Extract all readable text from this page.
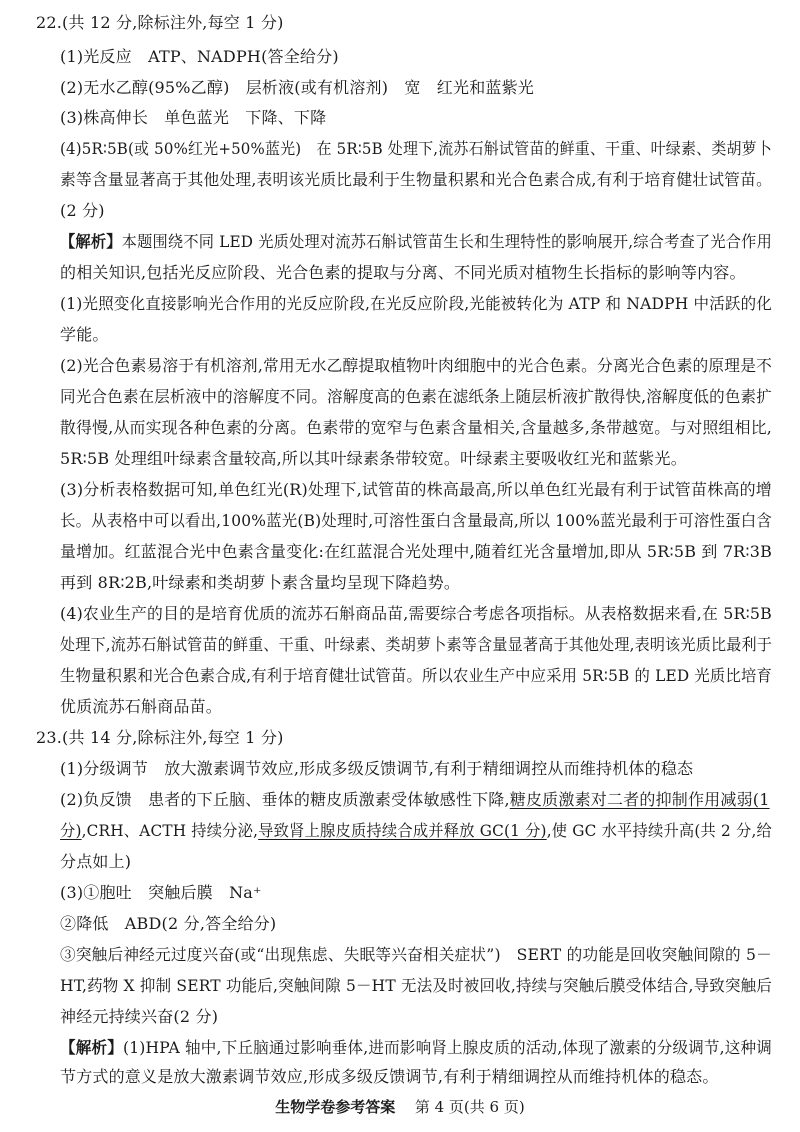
22.(共 12 分,除标注外,每空 1 分)
(1)光反应　ATP、NADPH(答全给分)
(2)无水乙醇(95%乙醇)　层析液(或有机溶剂)　宽　红光和蓝紫光
(3)株高伸长　单色蓝光　下降、下降
(4)5R∶5B(或 50%红光+50%蓝光)　在 5R∶5B 处理下,流苏石斛试管苗的鲜重、干重、叶绿素、类胡萝卜
素等含量显著高于其他处理,表明该光质比最利于生物量积累和光合色素合成,有利于培育健壮试管苗。
(2 分)
【解析】本题围绕不同 LED 光质处理对流苏石斛试管苗生长和生理特性的影响展开,综合考查了光合作用
的相关知识,包括光反应阶段、光合色素的提取与分离、不同光质对植物生长指标的影响等内容。
(1)光照变化直接影响光合作用的光反应阶段,在光反应阶段,光能被转化为 ATP 和 NADPH 中活跃的化
学能。
(2)光合色素易溶于有机溶剂,常用无水乙醇提取植物叶肉细胞中的光合色素。分离光合色素的原理是不
同光合色素在层析液中的溶解度不同。溶解度高的色素在滤纸条上随层析液扩散得快,溶解度低的色素扩
散得慢,从而实现各种色素的分离。色素带的宽窄与色素含量相关,含量越多,条带越宽。与对照组相比,
5R∶5B 处理组叶绿素含量较高,所以其叶绿素条带较宽。叶绿素主要吸收红光和蓝紫光。
(3)分析表格数据可知,单色红光(R)处理下,试管苗的株高最高,所以单色红光最有利于试管苗株高的增
长。从表格中可以看出,100%蓝光(B)处理时,可溶性蛋白含量最高,所以 100%蓝光最利于可溶性蛋白含
量增加。红蓝混合光中色素含量变化:在红蓝混合光处理中,随着红光含量增加,即从 5R∶5B 到 7R∶3B
再到 8R∶2B,叶绿素和类胡萝卜素含量均呈现下降趋势。
(4)农业生产的目的是培育优质的流苏石斛商品苗,需要综合考虑各项指标。从表格数据来看,在 5R∶5B
处理下,流苏石斛试管苗的鲜重、干重、叶绿素、类胡萝卜素等含量显著高于其他处理,表明该光质比最利于
生物量积累和光合色素合成,有利于培育健壮试管苗。所以农业生产中应采用 5R∶5B 的 LED 光质比培育
优质流苏石斛商品苗。
23.(共 14 分,除标注外,每空 1 分)
(1)分级调节　放大激素调节效应,形成多级反馈调节,有利于精细调控从而维持机体的稳态
(2)负反馈　患者的下丘脑、垂体的糖皮质激素受体敏感性下降,糖皮质激素对二者的抑制作用减弱(1
分),CRH、ACTH 持续分泌,导致肾上腺皮质持续合成并释放 GC(1 分),使 GC 水平持续升高(共 2 分,给
分点如上)
(3)①胞吐　突触后膜　Na⁺
②降低　ABD(2 分,答全给分)
③突触后神经元过度兴奋(或“出现焦虑、失眠等兴奋相关症状”)　SERT 的功能是回收突触间隙的 5－
HT,药物 X 抑制 SERT 功能后,突触间隙 5－HT 无法及时被回收,持续与突触后膜受体结合,导致突触后
神经元持续兴奋(2 分)
【解析】(1)HPA 轴中,下丘脑通过影响垂体,进而影响肾上腺皮质的活动,体现了激素的分级调节,这种调
节方式的意义是放大激素调节效应,形成多级反馈调节,有利于精细调控从而维持机体的稳态。
生物学卷参考答案 第 4 页(共 6 页)
